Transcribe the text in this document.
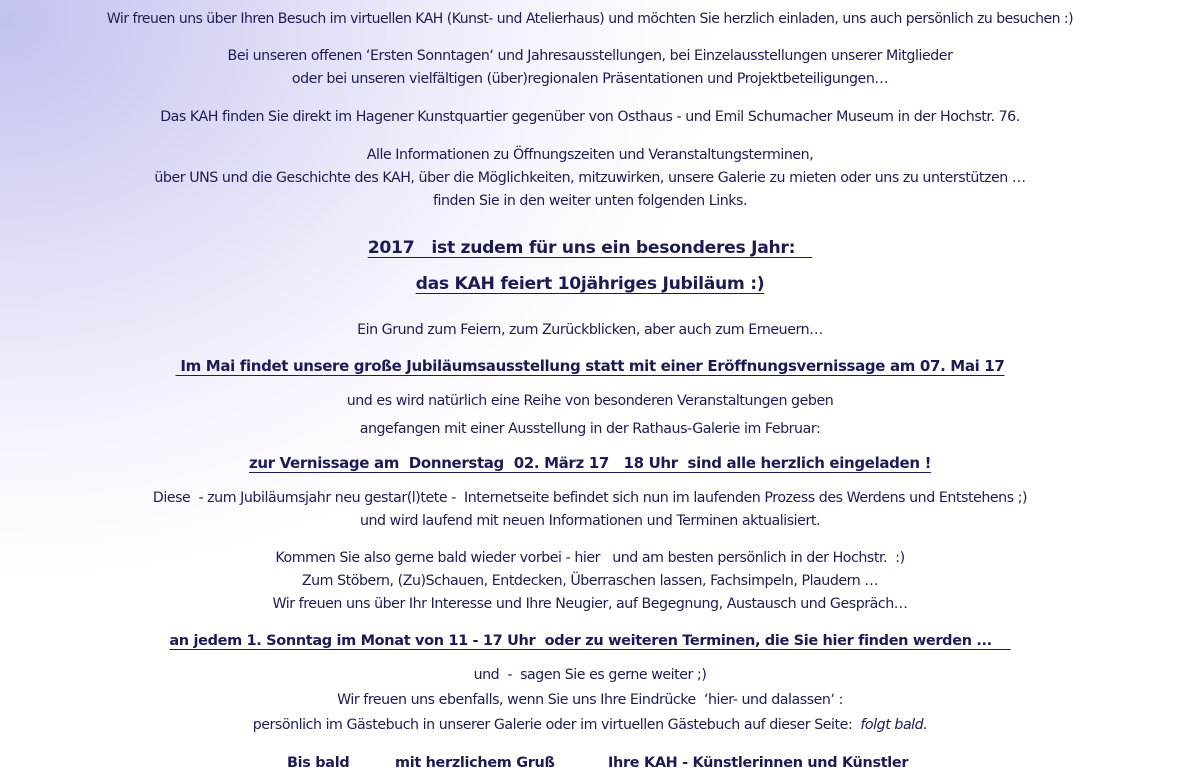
Wir freuen uns über Ihren Besuch im virtuellen KAH (Kunst- und Atelierhaus) und möchten Sie herzlich einladen, uns auch persönlich zu besuchen :)
Bei unseren offenen ‘Ersten Sonntagen‘ und Jahresausstellungen, bei Einzelausstellungen unserer Mitglieder
oder bei unseren vielfältigen (über)regionalen Präsentationen und Projektbeteiligungen…
Das KAH finden Sie direkt im Hagener Kunstquartier gegenüber von Osthaus - und Emil Schumacher Museum in der Hochstr. 76.
Alle Informationen zu Öffnungszeiten und Veranstaltungsterminen,
über UNS und die Geschichte des KAH, über die Möglichkeiten, mitzuwirken, unsere Galerie zu mieten oder uns zu unterstützen …
finden Sie in den weiter unten folgenden Links.
2017   ist zudem für uns ein besonderes Jahr:
das KAH feiert 10jähriges Jubiläum :)
Ein Grund zum Feiern, zum Zurückblicken, aber auch zum Erneuern…
Im Mai findet unsere große Jubiläumsausstellung statt mit einer Eröffnungsvernissage am 07. Mai 17
und es wird natürlich eine Reihe von besonderen Veranstaltungen geben
angefangen mit einer Ausstellung in der Rathaus-Galerie im Februar:
zur Vernissage am  Donnerstag  02. März 17   18 Uhr  sind alle herzlich eingeladen !
Diese  - zum Jubiläumsjahr neu gestar(l)tete -  Internetseite befindet sich nun im laufenden Prozess des Werdens und Entstehens ;)
und wird laufend mit neuen Informationen und Terminen aktualisiert.
Kommen Sie also gerne bald wieder vorbei - hier   und am besten persönlich in der Hochstr.  :)
Zum Stöbern, (Zu)Schauen, Entdecken, Überraschen lassen, Fachsimpeln, Plaudern …
Wir freuen uns über Ihr Interesse und Ihre Neugier, auf Begegnung, Austausch und Gespräch…
an jedem 1. Sonntag im Monat von 11 - 17 Uhr  oder zu weiteren Terminen, die Sie hier finden werden ...
und  -  sagen Sie es gerne weiter ;)
Wir freuen uns ebenfalls, wenn Sie uns Ihre Eindrücke  ‘hier- und dalassen‘ :
persönlich im Gästebuch in unserer Galerie oder im virtuellen Gästebuch auf dieser Seite:  folgt bald.
Bis bald	mit herzlichem Gruß	Ihre KAH - Künstlerinnen und Künstler
